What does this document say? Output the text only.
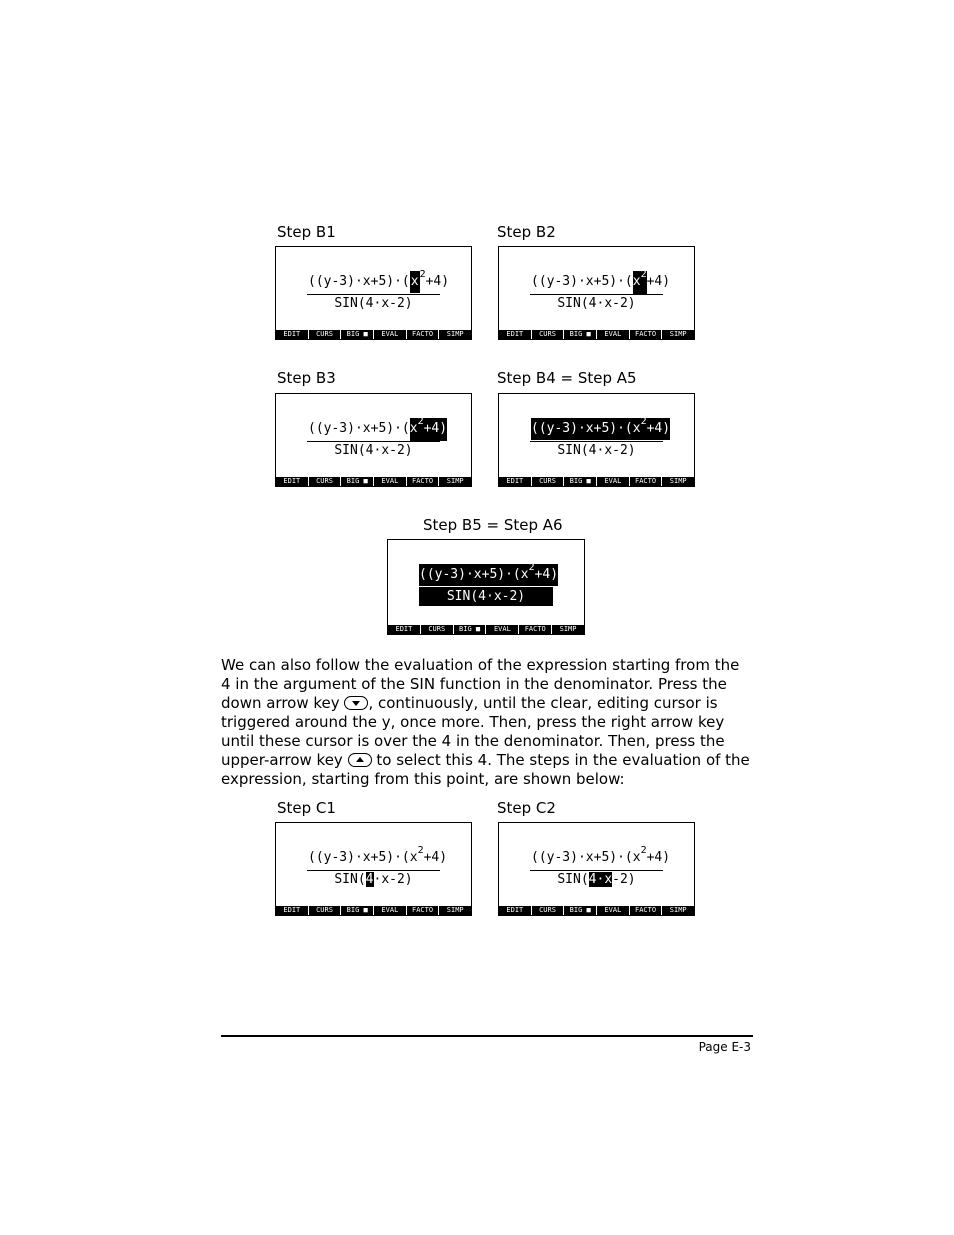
Step B1
((y-3)·x+5)·(x2+4)
SIN(4·x-2)
EDIT	CURS	BIG ■	EVAL	FACTO	SIMP
Step B2
((y-3)·x+5)·(x2+4)
SIN(4·x-2)
EDIT	CURS	BIG ■	EVAL	FACTO	SIMP
Step B3
((y-3)·x+5)·(x2+4)
SIN(4·x-2)
EDIT	CURS	BIG ■	EVAL	FACTO	SIMP
Step B4 = Step A5
((y-3)·x+5)·(x2+4)
SIN(4·x-2)
EDIT	CURS	BIG ■	EVAL	FACTO	SIMP
Step B5 = Step A6
((y-3)·x+5)·(x2+4)
SIN(4·x-2)
EDIT	CURS	BIG ■	EVAL	FACTO	SIMP
We can also follow the evaluation of the expression starting from the 4 in the argument of the SIN function in the denominator. Press the down arrow key , continuously, until the clear, editing cursor is triggered around the y, once more. Then, press the right arrow key until these cursor is over the 4 in the denominator. Then, press the upper-arrow key to select this 4. The steps in the evaluation of the expression, starting from this point, are shown below:
Step C1
((y-3)·x+5)·(x2+4)
SIN(4·x-2)
EDIT	CURS	BIG ■	EVAL	FACTO	SIMP
Step C2
((y-3)·x+5)·(x2+4)
SIN(4·x-2)
EDIT	CURS	BIG ■	EVAL	FACTO	SIMP
Page E-3
